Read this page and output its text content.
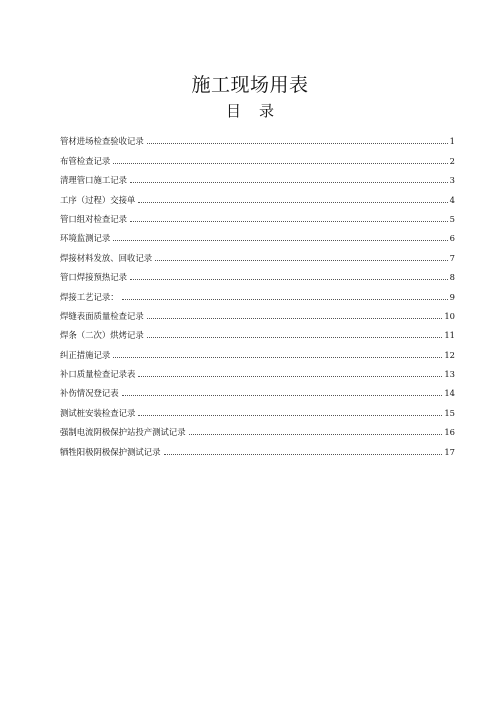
施工现场用表
目 录
管材进场检查验收记录	1
布管检查记录	2
清理管口施工记录	3
工序（过程）交接单	4
管口组对检查记录	5
环境监测记录	6
焊接材料发放、回收记录	7
管口焊接预热记录	8
焊接工艺记录：	9
焊缝表面质量检查记录	10
焊条（二次）烘烤记录	11
纠正措施记录	12
补口质量检查记录表	13
补伤情况登记表	14
测试桩安装检查记录	15
强制电流阴极保护站投产测试记录	16
牺牲阳极阴极保护测试记录	17
